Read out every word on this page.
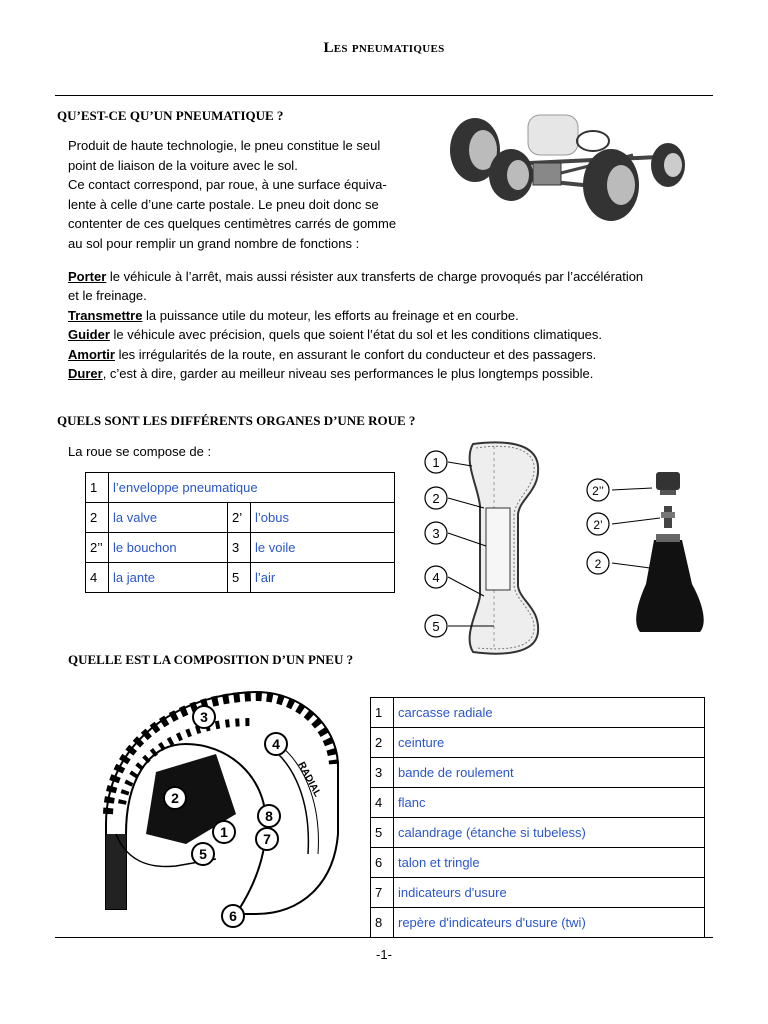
Les pneumatiques
QU’EST-CE QU’UN PNEUMATIQUE ?
Produit de haute technologie, le pneu constitue le seul
point de liaison de la voiture avec le sol.
Ce contact correspond, par roue, à une surface équiva-
lente à celle d’une carte postale. Le pneu doit donc se
contenter de ces quelques centimètres carrés de gomme
au sol pour remplir un grand nombre de fonctions :
Porter le véhicule à l’arrêt, mais aussi résister aux transferts de charge provoqués par l’accélération
et le freinage.
Transmettre la puissance utile du moteur, les efforts au freinage et en courbe.
Guider le véhicule avec précision, quels que soient l’état du sol et les conditions climatiques.
Amortir les irrégularités de la route, en assurant le confort du conducteur et des passagers.
Durer, c’est à dire, garder au meilleur niveau ses performances le plus longtemps possible.
QUELS SONT LES DIFFÉRENTS ORGANES D’UNE ROUE ?
La roue se compose de :
1	l’enveloppe pneumatique		
2	la valve	2’	l’obus
2’’	le bouchon	3	le voile
4	la jante	5	l’air
1
2
3
4
5
2’’
2’
2
QUELLE EST LA COMPOSITION D’UN PNEU ?
RADIAL
1
2
3
4
5
6
7
8
1	carcasse radiale
2	ceinture
3	bande de roulement
4	flanc
5	calandrage (étanche si tubeless)
6	talon et tringle
7	indicateurs d'usure
8	repère d'indicateurs d'usure (twi)
-1-
